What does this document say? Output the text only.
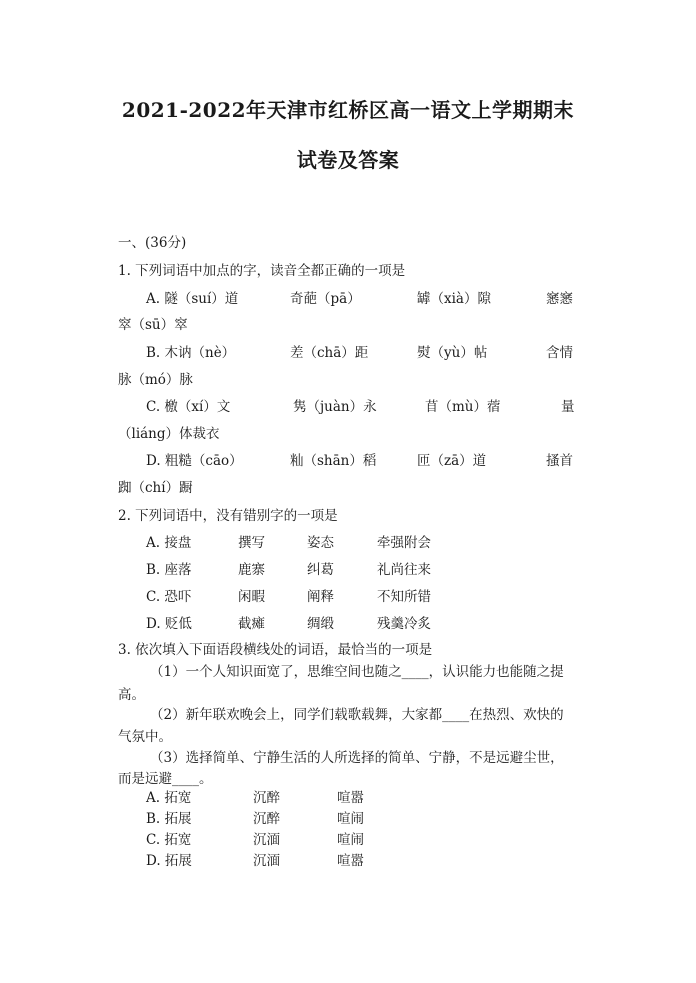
2021-2022年天津市红桥区高一语文上学期期末
试卷及答案
一、(36分)
1. 下列词语中加点的字，读音全都正确的一项是
A. 隧（suí）道	奇葩（pā）	罅（xià）隙	窸窸
窣（sū）窣
B. 木讷（nè）	差（chā）距	熨（yù）帖	含情
脉（mó）脉
C. 檄（xí）文	隽（juàn）永	苜（mù）蓿	量
（liáng）体裁衣
D. 粗糙（cāo）	籼（shān）稻	匝（zā）道	搔首
踟（chí）蹰
2. 下列词语中，没有错别字的一项是
A. 接盘	撰写	姿态	牵强附会
B. 座落	鹿寨	纠葛	礼尚往来
C. 恐吓	闲暇	阐释	不知所错
D. 贬低	截瘫	绸缎	残羹冷炙
3. 依次填入下面语段横线处的词语，最恰当的一项是
（1）一个人知识面宽了，思维空间也随之____，认识能力也能随之提
高。
（2）新年联欢晚会上，同学们载歌载舞，大家都____在热烈、欢快的
气氛中。
（3）选择简单、宁静生活的人所选择的简单、宁静，不是远避尘世，
而是远避____。
A. 拓宽	沉醉	喧嚣
B. 拓展	沉醉	喧闹
C. 拓宽	沉湎	喧闹
D. 拓展	沉湎	喧嚣
